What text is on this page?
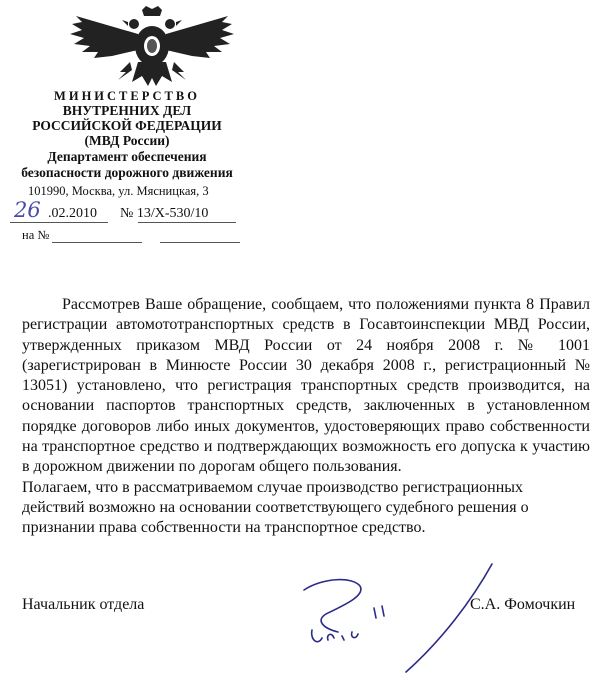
МИНИСТЕРСТВО
ВНУТРЕННИХ ДЕЛ
РОССИЙСКОЙ ФЕДЕРАЦИИ
(МВД России)
Департамент обеспечения
безопасности дорожного движения
101990, Москва, ул. Мясницкая, 3
26 .02.2010 № 13/Х-530/10
на №

Рассмотрев Ваше обращение, сообщаем, что положениями пункта 8 Правил регистрации автомототранспортных средств в Госавтоинспекции МВД России, утвержденных приказом МВД России от 24 ноября 2008 г. № 1001 (зарегистрирован в Минюсте России 30 декабря 2008 г., регистрационный № 13051) установлено, что регистрация транспортных средств производится, на основании паспортов транспортных средств, заключенных в установленном порядке договоров либо иных документов, удостоверяющих право собственности на транспортное средство и подтверждающих возможность его допуска к участию в дорожном движении по дорогам общего пользования.

Полагаем, что в рассматриваемом случае производство регистрационных
действий возможно на основании соответствующего судебного решения о
признании права собственности на транспортное средство.
Начальник отдела	С.А. Фомочкин
